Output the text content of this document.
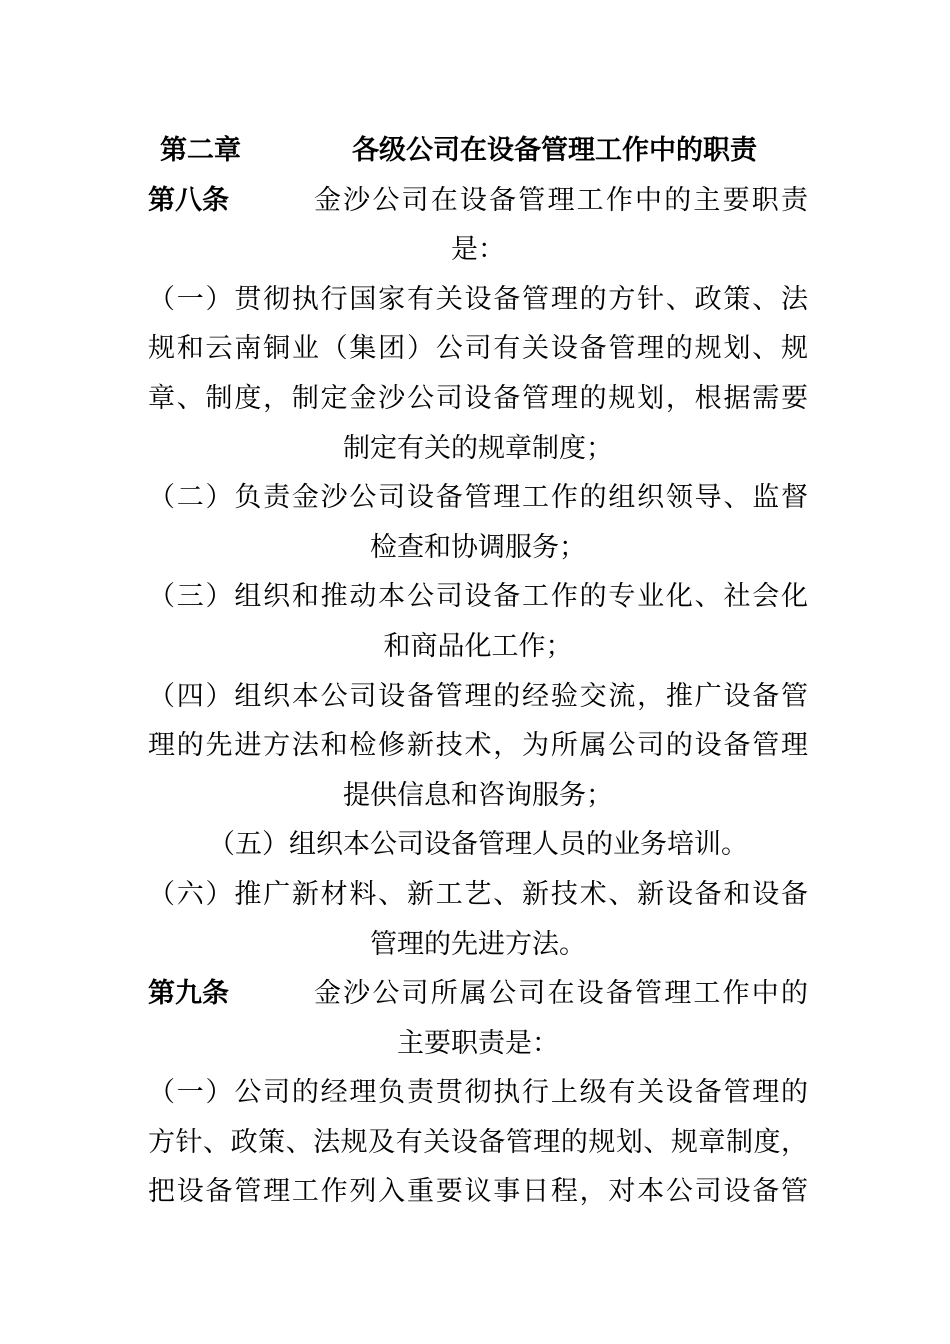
第二章	各级公司在设备管理工作中的职责
第八条	金沙公司在设备管理工作中的主要职责
是：
（一）贯彻执行国家有关设备管理的方针、政策、法
规和云南铜业（集团）公司有关设备管理的规划、规
章、制度，制定金沙公司设备管理的规划，根据需要
制定有关的规章制度；
（二）负责金沙公司设备管理工作的组织领导、监督
检查和协调服务；
（三）组织和推动本公司设备工作的专业化、社会化
和商品化工作；
（四）组织本公司设备管理的经验交流，推广设备管
理的先进方法和检修新技术，为所属公司的设备管理
提供信息和咨询服务；
（五）组织本公司设备管理人员的业务培训。
（六）推广新材料、新工艺、新技术、新设备和设备
管理的先进方法。
第九条	金沙公司所属公司在设备管理工作中的
主要职责是：
（一）公司的经理负责贯彻执行上级有关设备管理的
方针、政策、法规及有关设备管理的规划、规章制度，
把设备管理工作列入重要议事日程，对本公司设备管
